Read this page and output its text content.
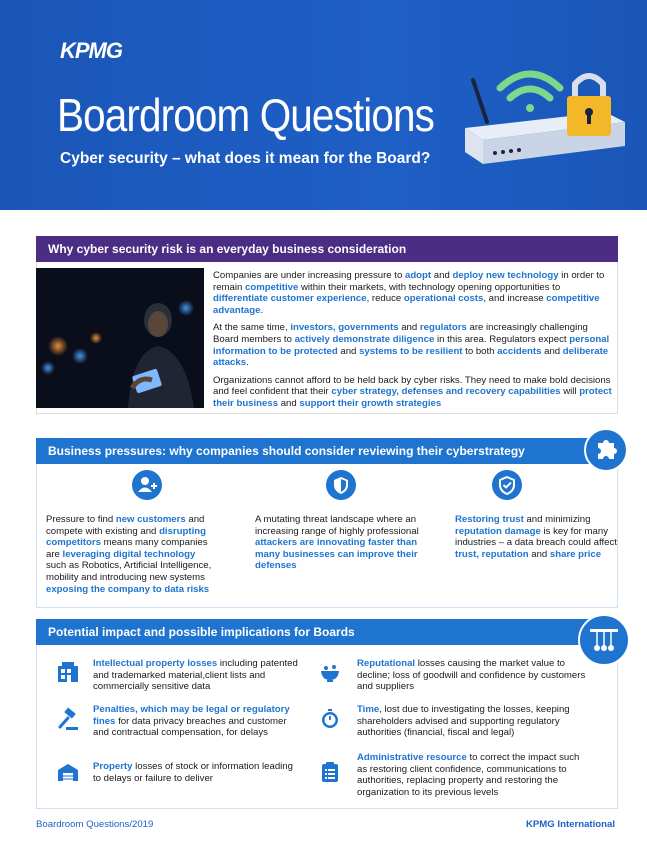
KPMG
Boardroom Questions
Cyber security – what does it mean for the Board?
Why cyber security risk is an everyday business consideration

Companies are under increasing pressure to adopt and deploy new technology in order to remain competitive within their markets, with technology opening opportunities to differentiate customer experience, reduce operational costs, and increase competitive advantage.

At the same time, investors, governments and regulators are increasingly challenging Board members to actively demonstrate diligence in this area. Regulators expect personal information to be protected and systems to be resilient to both accidents and deliberate attacks.

Organizations cannot afford to be held back by cyber risks. They need to make bold decisions and feel confident that their cyber strategy, defenses and recovery capabilities will protect their business and support their growth strategies

Business pressures: why companies should consider reviewing their cyberstrategy
Pressure to find new customers and compete with existing and disrupting competitors means many companies are leveraging digital technology such as Robotics, Artificial Intelligence, mobility and introducing new systems exposing the company to data risks
A mutating threat landscape where an increasing range of highly professional attackers are innovating faster than many businesses can improve their defenses
Restoring trust and minimizing reputation damage is key for many industries – a data breach could affect trust, reputation and share price
Potential impact and possible implications for Boards
Intellectual property losses including patented and trademarked material,client lists and commercially sensitive data
Penalties, which may be legal or regulatory fines for data privacy breaches and customer and contractual compensation, for delays
Property losses of stock or information leading to delays or failure to deliver
Reputational losses causing the market value to decline; loss of goodwill and confidence by customers and suppliers
Time, lost due to investigating the losses, keeping shareholders advised and supporting regulatory authorities (financial, fiscal and legal)
Administrative resource to correct the impact such as restoring client confidence, communications to authorities, replacing property and restoring the organization to its previous levels
Boardroom Questions/2019	KPMG International
